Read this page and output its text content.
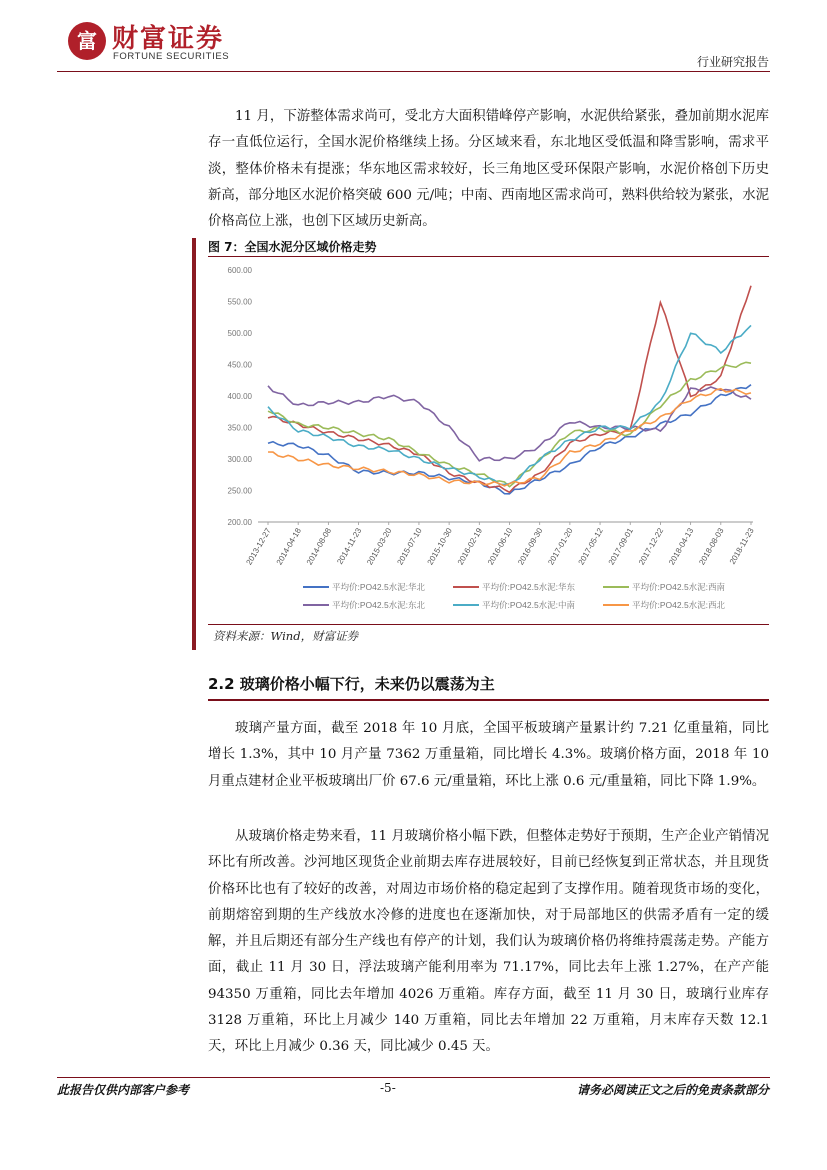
富 财富证券
FORTUNE SECURITIES	行业研究报告

11 月，下游整体需求尚可，受北方大面积错峰停产影响，水泥供给紧张，叠加前期水泥库存一直低位运行，全国水泥价格继续上扬。分区域来看，东北地区受低温和降雪影响，需求平淡，整体价格未有提涨；华东地区需求较好，长三角地区受环保限产影响，水泥价格创下历史新高，部分地区水泥价格突破 600 元/吨；中南、西南地区需求尚可，熟料供给较为紧张，水泥价格高位上涨，也创下区域历史新高。

图 7：全国水泥分区域价格走势
200.00
250.00
300.00
350.00
400.00
450.00
500.00
550.00
600.00
2013-12-27 2014-04-18 2014-08-08 2014-11-23 2015-03-20 2015-07-10 2015-10-30 2016-02-19 2016-06-10 2016-09-30 2017-01-20 2017-05-12 2017-09-01 2017-12-22 2018-04-13 2018-08-03 2018-11-23
平均价:PO42.5水泥:华北	平均价:PO42.5水泥:华东	平均价:PO42.5水泥:西南
平均价:PO42.5水泥:东北	平均价:PO42.5水泥:中南	平均价:PO42.5水泥:西北
资料来源：Wind，财富证券
2.2 玻璃价格小幅下行，未来仍以震荡为主

玻璃产量方面，截至 2018 年 10 月底，全国平板玻璃产量累计约 7.21 亿重量箱，同比增长 1.3%，其中 10 月产量 7362 万重量箱，同比增长 4.3%。玻璃价格方面，2018 年 10 月重点建材企业平板玻璃出厂价 67.6 元/重量箱，环比上涨 0.6 元/重量箱，同比下降 1.9%。

从玻璃价格走势来看，11 月玻璃价格小幅下跌，但整体走势好于预期，生产企业产销情况环比有所改善。沙河地区现货企业前期去库存进展较好，目前已经恢复到正常状态，并且现货价格环比也有了较好的改善，对周边市场价格的稳定起到了支撑作用。随着现货市场的变化，前期熔窑到期的生产线放水冷修的进度也在逐渐加快，对于局部地区的供需矛盾有一定的缓解，并且后期还有部分生产线也有停产的计划，我们认为玻璃价格仍将维持震荡走势。产能方面，截止 11 月 30 日，浮法玻璃产能利用率为 71.17%，同比去年上涨 1.27%，在产产能 94350 万重箱，同比去年增加 4026 万重箱。库存方面，截至 11 月 30 日，玻璃行业库存 3128 万重箱，环比上月减少 140 万重箱，同比去年增加 22 万重箱，月末库存天数 12.1 天，环比上月减少 0.36 天，同比减少 0.45 天。

此报告仅供内部客户参考	-5-	请务必阅读正文之后的免责条款部分
